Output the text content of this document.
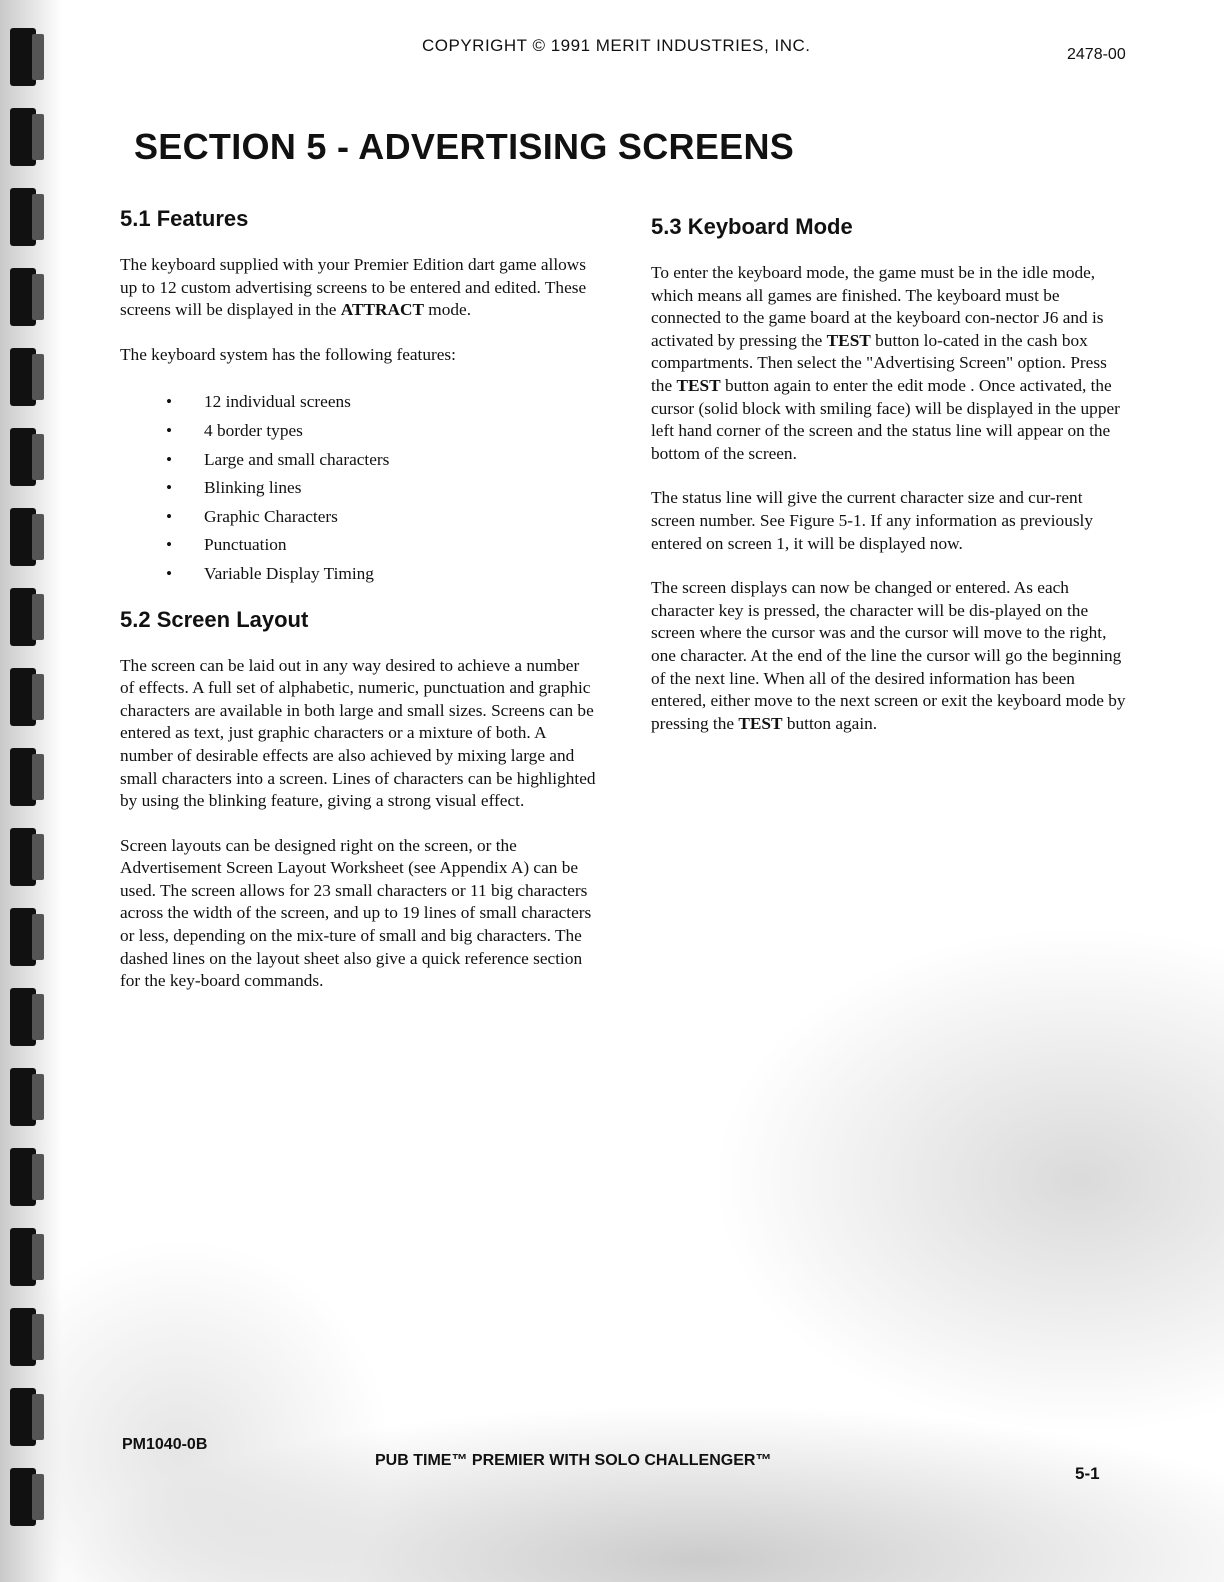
COPYRIGHT © 1991 MERIT INDUSTRIES, INC.	2478-00
SECTION 5 - ADVERTISING SCREENS
5.1 Features

The keyboard supplied with your Premier Edition dart game allows up to 12 custom advertising screens to be entered and edited. These screens will be displayed in the ATTRACT mode.

The keyboard system has the following features:

• 12 individual screens
• 4 border types
• Large and small characters
• Blinking lines
• Graphic Characters
• Punctuation
• Variable Display Timing
5.2 Screen Layout

The screen can be laid out in any way desired to achieve a number of effects. A full set of alphabetic, numeric, punctuation and graphic characters are available in both large and small sizes. Screens can be entered as text, just graphic characters or a mixture of both. A number of desirable effects are also achieved by mixing large and small characters into a screen. Lines of characters can be highlighted by using the blinking feature, giving a strong visual effect.

Screen layouts can be designed right on the screen, or the Advertisement Screen Layout Worksheet (see Appendix A) can be used. The screen allows for 23 small characters or 11 big characters across the width of the screen, and up to 19 lines of small characters or less, depending on the mix-ture of small and big characters. The dashed lines on the layout sheet also give a quick reference section for the key-board commands.

5.3 Keyboard Mode

To enter the keyboard mode, the game must be in the idle mode, which means all games are finished. The keyboard must be connected to the game board at the keyboard con-nector J6 and is activated by pressing the TEST button lo-cated in the cash box compartments. Then select the "Advertising Screen" option. Press the TEST button again to enter the edit mode . Once activated, the cursor (solid block with smiling face) will be displayed in the upper left hand corner of the screen and the status line will appear on the bottom of the screen.

The status line will give the current character size and cur-rent screen number. See Figure 5-1. If any information as previously entered on screen 1, it will be displayed now.

The screen displays can now be changed or entered. As each character key is pressed, the character will be dis-played on the screen where the cursor was and the cursor will move to the right, one character. At the end of the line the cursor will go the beginning of the next line. When all of the desired information has been entered, either move to the next screen or exit the keyboard mode by pressing the TEST button again.

PM1040-0B
PUB TIME™ PREMIER WITH SOLO CHALLENGER™
5-1
